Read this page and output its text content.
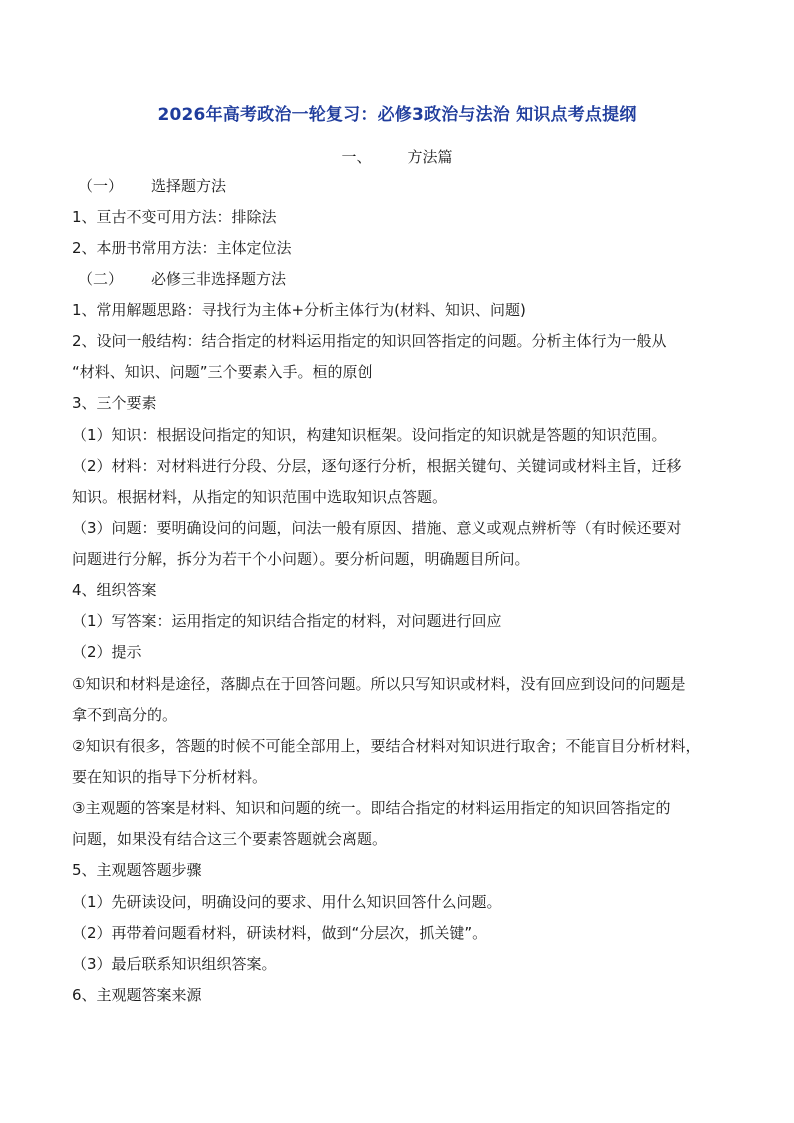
2026年高考政治一轮复习：必修3政治与法治 知识点考点提纲
一、 方法篇
（一） 选择题方法
1、亘古不变可用方法：排除法
2、本册书常用方法：主体定位法
（二） 必修三非选择题方法
1、常用解题思路：寻找行为主体+分析主体行为(材料、知识、问题)
2、设问一般结构：结合指定的材料运用指定的知识回答指定的问题。分析主体行为一般从
“材料、知识、问题”三个要素入手。桓的原创
3、三个要素
（1）知识：根据设问指定的知识，构建知识框架。设问指定的知识就是答题的知识范围。
（2）材料：对材料进行分段、分层，逐句逐行分析，根据关键句、关键词或材料主旨，迁移
知识。根据材料，从指定的知识范围中选取知识点答题。
（3）问题：要明确设问的问题，问法一般有原因、措施、意义或观点辨析等（有时候还要对
问题进行分解，拆分为若干个小问题）。要分析问题，明确题目所问。
4、组织答案
（1）写答案：运用指定的知识结合指定的材料，对问题进行回应
（2）提示
①知识和材料是途径，落脚点在于回答问题。所以只写知识或材料，没有回应到设问的问题是
拿不到高分的。
②知识有很多，答题的时候不可能全部用上，要结合材料对知识进行取舍；不能盲目分析材料，
要在知识的指导下分析材料。
③主观题的答案是材料、知识和问题的统一。即结合指定的材料运用指定的知识回答指定的
问题，如果没有结合这三个要素答题就会离题。
5、主观题答题步骤
（1）先研读设问，明确设问的要求、用什么知识回答什么问题。
（2）再带着问题看材料，研读材料，做到“分层次，抓关键”。
（3）最后联系知识组织答案。
6、主观题答案来源
